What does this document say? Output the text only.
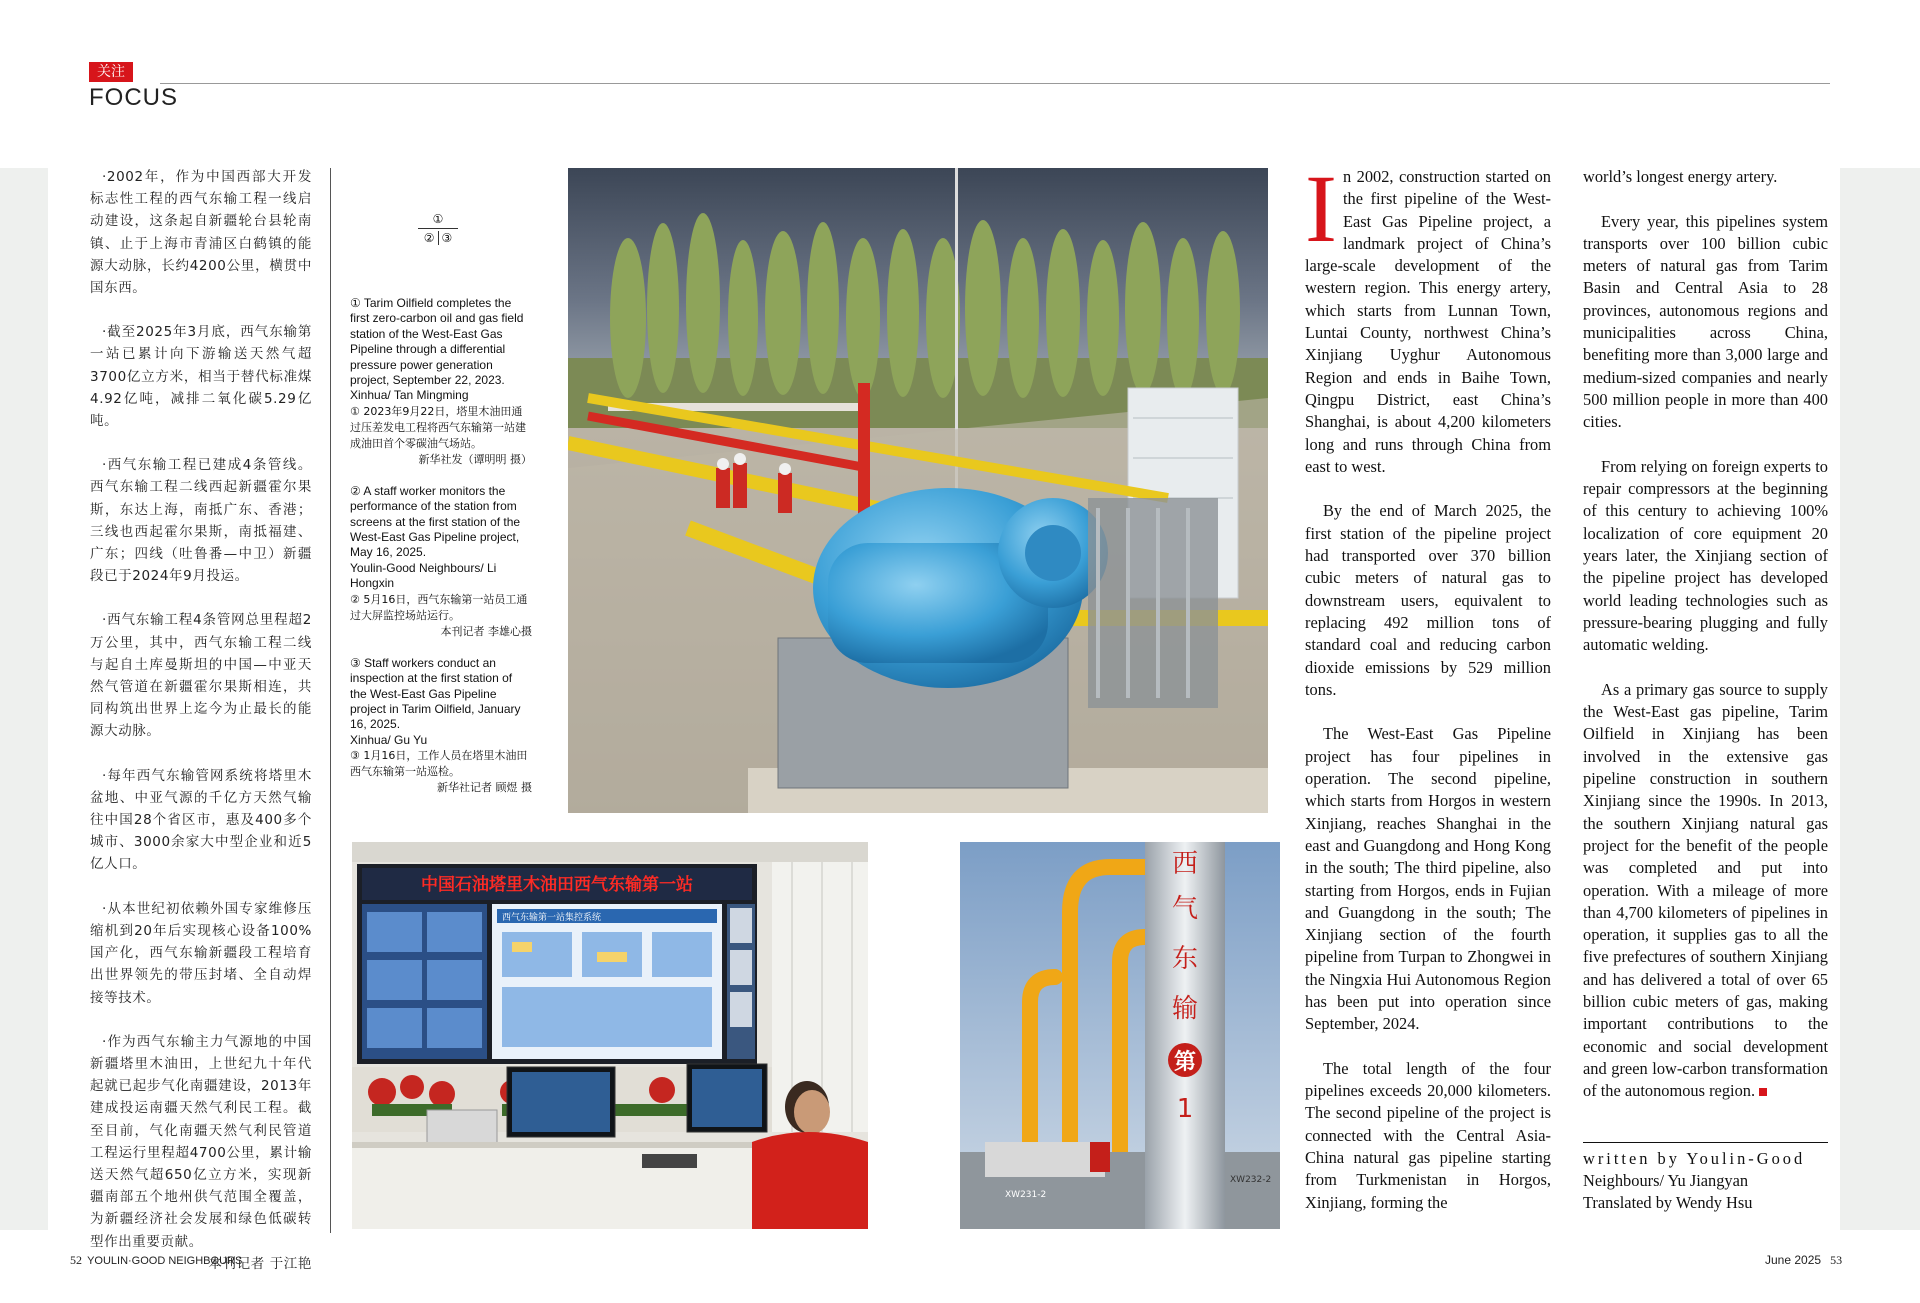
关注
FOCUS

·2002年，作为中国西部大开发标志性工程的西气东输工程一线启动建设，这条起自新疆轮台县轮南镇、止于上海市青浦区白鹤镇的能源大动脉，长约4200公里，横贯中国东西。

·截至2025年3月底，西气东输第一站已累计向下游输送天然气超3700亿立方米，相当于替代标准煤4.92亿吨，减排二氧化碳5.29亿吨。

·西气东输工程已建成4条管线。西气东输工程二线西起新疆霍尔果斯，东达上海，南抵广东、香港；三线也西起霍尔果斯，南抵福建、广东；四线（吐鲁番—中卫）新疆段已于2024年9月投运。

·西气东输工程4条管网总里程超2万公里，其中，西气东输工程二线与起自土库曼斯坦的中国—中亚天然气管道在新疆霍尔果斯相连，共同构筑出世界上迄今为止最长的能源大动脉。

·每年西气东输管网系统将塔里木盆地、中亚气源的千亿方天然气输往中国28个省区市，惠及400多个城市、3000余家大中型企业和近5亿人口。

·从本世纪初依赖外国专家维修压缩机到20年后实现核心设备100%国产化，西气东输新疆段工程培育出世界领先的带压封堵、全自动焊接等技术。

·作为西气东输主力气源地的中国新疆塔里木油田，上世纪九十年代起就已起步气化南疆建设，2013年建成投运南疆天然气利民工程。截至目前，气化南疆天然气利民管道工程运行里程超4700公里，累计输送天然气超650亿立方米，实现新疆南部五个地州供气范围全覆盖，为新疆经济社会发展和绿色低碳转型作出重要贡献。

本刊记者 于江艳

①
② ③
① Tarim Oilfield completes the first zero-carbon oil and gas field station of the West-East Gas Pipeline through a differential pressure power generation project, September 22, 2023.
Xinhua/ Tan Mingming
① 2023年9月22日，塔里木油田通过压差发电工程将西气东输第一站建成油田首个零碳油气场站。
新华社发（谭明明 摄）
② A staff worker monitors the performance of the station from screens at the first station of the West-East Gas Pipeline project, May 16, 2025.
Youlin-Good Neighbours/ Li Hongxin
② 5月16日，西气东输第一站员工通过大屏监控场站运行。
本刊记者 李雄心摄
③ Staff workers conduct an inspection at the first station of the West-East Gas Pipeline project in Tarim Oilfield, January 16, 2025.
Xinhua/ Gu Yu
③ 1月16日，工作人员在塔里木油田西气东输第一站巡检。
新华社记者 顾煜 摄
中国石油塔里木油田西气东输第一站
西气东输第一站集控系统
西
气
东
输
第
1
XW231-2
XW232-2

In 2002, construction started on the first pipeline of the West-East Gas Pipeline project, a landmark project of China’s large-scale development of the western region. This energy artery, which starts from Lunnan Town, Luntai County, northwest China’s Xinjiang Uyghur Autonomous Region and ends in Baihe Town, Qingpu District, east China’s Shanghai, is about 4,200 kilometers long and runs through China from east to west.

By the end of March 2025, the first station of the pipeline project had transported over 370 billion cubic meters of natural gas to downstream users, equivalent to replacing 492 million tons of standard coal and reducing carbon dioxide emissions by 529 million tons.

The West-East Gas Pipeline project has four pipelines in operation. The second pipeline, which starts from Horgos in western Xinjiang, reaches Shanghai in the east and Guangdong and Hong Kong in the south; The third pipeline, also starting from Horgos, ends in Fujian and Guangdong in the south; The Xinjiang section of the fourth pipeline from Turpan to Zhongwei in the Ningxia Hui Autonomous Region has been put into operation since September, 2024.

The total length of the four pipelines exceeds 20,000 kilometers. The second pipeline of the project is connected with the Central Asia-China natural gas pipeline starting from Turkmenistan in Horgos, Xinjiang, forming the

world’s longest energy artery.

Every year, this pipelines system transports over 100 billion cubic meters of natural gas from Tarim Basin and Central Asia to 28 provinces, autonomous regions and municipalities across China, benefiting more than 3,000 large and medium-sized companies and nearly 500 million people in more than 400 cities.

From relying on foreign experts to repair compressors at the beginning of this century to achieving 100% localization of core equipment 20 years later, the Xinjiang section of the pipeline project has developed world leading technologies such as pressure-bearing plugging and fully automatic welding.

As a primary gas source to supply the West-East gas pipeline, Tarim Oilfield in Xinjiang has been involved in the extensive gas pipeline construction in southern Xinjiang since the 1990s. In 2013, the southern Xinjiang natural gas project for the benefit of the people was completed and put into operation. With a mileage of more than 4,700 kilometers of pipelines in operation, it supplies gas to all the five prefectures of southern Xinjiang and has delivered a total of over 65 billion cubic meters of gas, making important contributions to the economic and social development and green low-carbon transformation of the autonomous region.

written by Youlin-Good
Neighbours/ Yu Jiangyan
Translated by Wendy Hsu
52 YOULIN·GOOD NEIGHBOURS	June 2025 53
